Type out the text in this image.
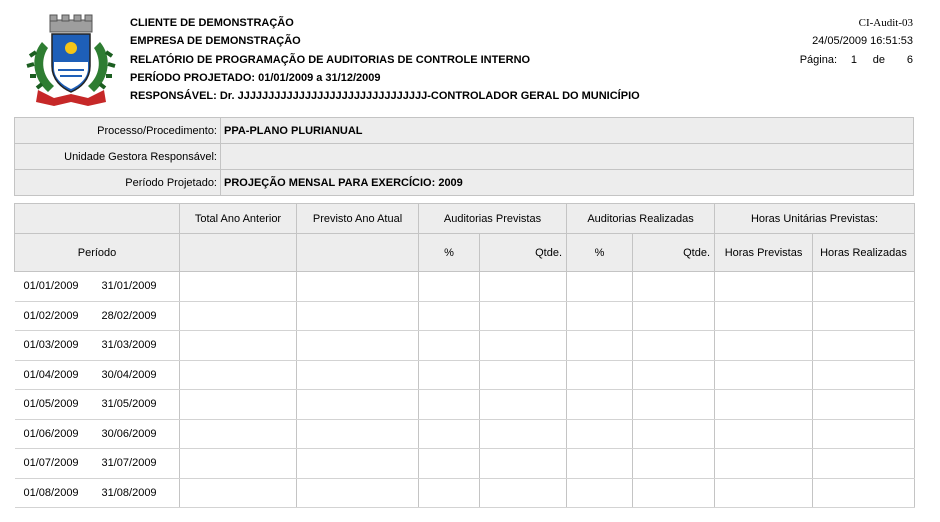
CLIENTE DE DEMONSTRAÇÃO
EMPRESA DE DEMONSTRAÇÃO
RELATÓRIO DE PROGRAMAÇÃO DE AUDITORIAS DE CONTROLE INTERNO
PERÍODO PROJETADO: 01/01/2009 a 31/12/2009
RESPONSÁVEL: Dr. JJJJJJJJJJJJJJJJJJJJJJJJJJJJJJJ-CONTROLADOR GERAL DO MUNICÍPIO
CI-Audit-03
24/05/2009 16:51:53
Página:	1	de	6
Processo/Procedimento:	PPA-PLANO PLURIANUAL
Unidade Gestora Responsável:	
Período Projetado:	PROJEÇÃO MENSAL PARA EXERCÍCIO: 2009
	Total Ano Anterior	Previsto Ano Atual	Auditorias Previstas		Auditorias Realizadas		Horas Unitárias Previstas:	
Período			%	Qtde.	%	Qtde.	Horas Previstas	Horas Realizadas
01/01/2009 31/01/2009								
01/02/2009 28/02/2009								
01/03/2009 31/03/2009								
01/04/2009 30/04/2009								
01/05/2009 31/05/2009								
01/06/2009 30/06/2009								
01/07/2009 31/07/2009								
01/08/2009 31/08/2009								
